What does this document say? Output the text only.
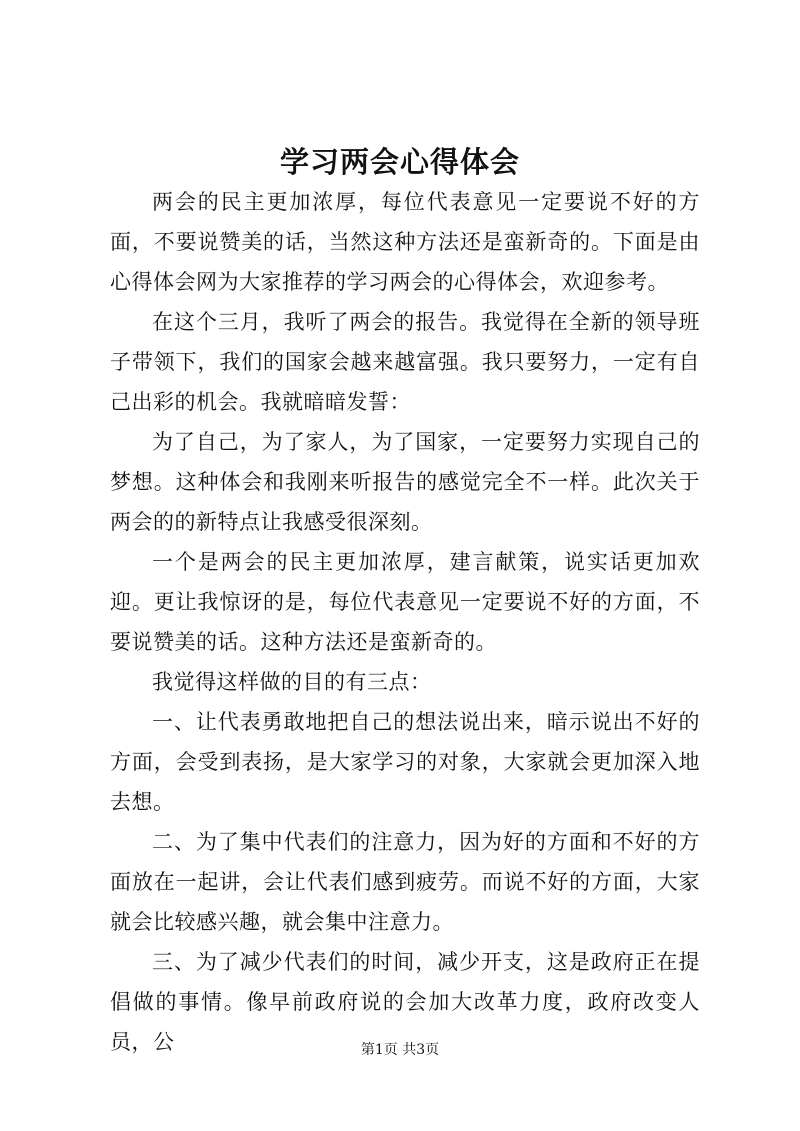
学习两会心得体会

两会的民主更加浓厚，每位代表意见一定要说不好的方面，不要说赞美的话，当然这种方法还是蛮新奇的。下面是由心得体会网为大家推荐的学习两会的心得体会，欢迎参考。

在这个三月，我听了两会的报告。我觉得在全新的领导班子带领下，我们的国家会越来越富强。我只要努力，一定有自己出彩的机会。我就暗暗发誓：

为了自己，为了家人，为了国家，一定要努力实现自己的梦想。这种体会和我刚来听报告的感觉完全不一样。此次关于两会的的新特点让我感受很深刻。

一个是两会的民主更加浓厚，建言献策，说实话更加欢迎。更让我惊讶的是，每位代表意见一定要说不好的方面，不要说赞美的话。这种方法还是蛮新奇的。

我觉得这样做的目的有三点：

一、让代表勇敢地把自己的想法说出来，暗示说出不好的方面，会受到表扬，是大家学习的对象，大家就会更加深入地去想。

二、为了集中代表们的注意力，因为好的方面和不好的方面放在一起讲，会让代表们感到疲劳。而说不好的方面，大家就会比较感兴趣，就会集中注意力。

三、为了减少代表们的时间，减少开支，这是政府正在提倡做的事情。像早前政府说的会加大改革力度，政府改变人员，公	第1页 共3页
